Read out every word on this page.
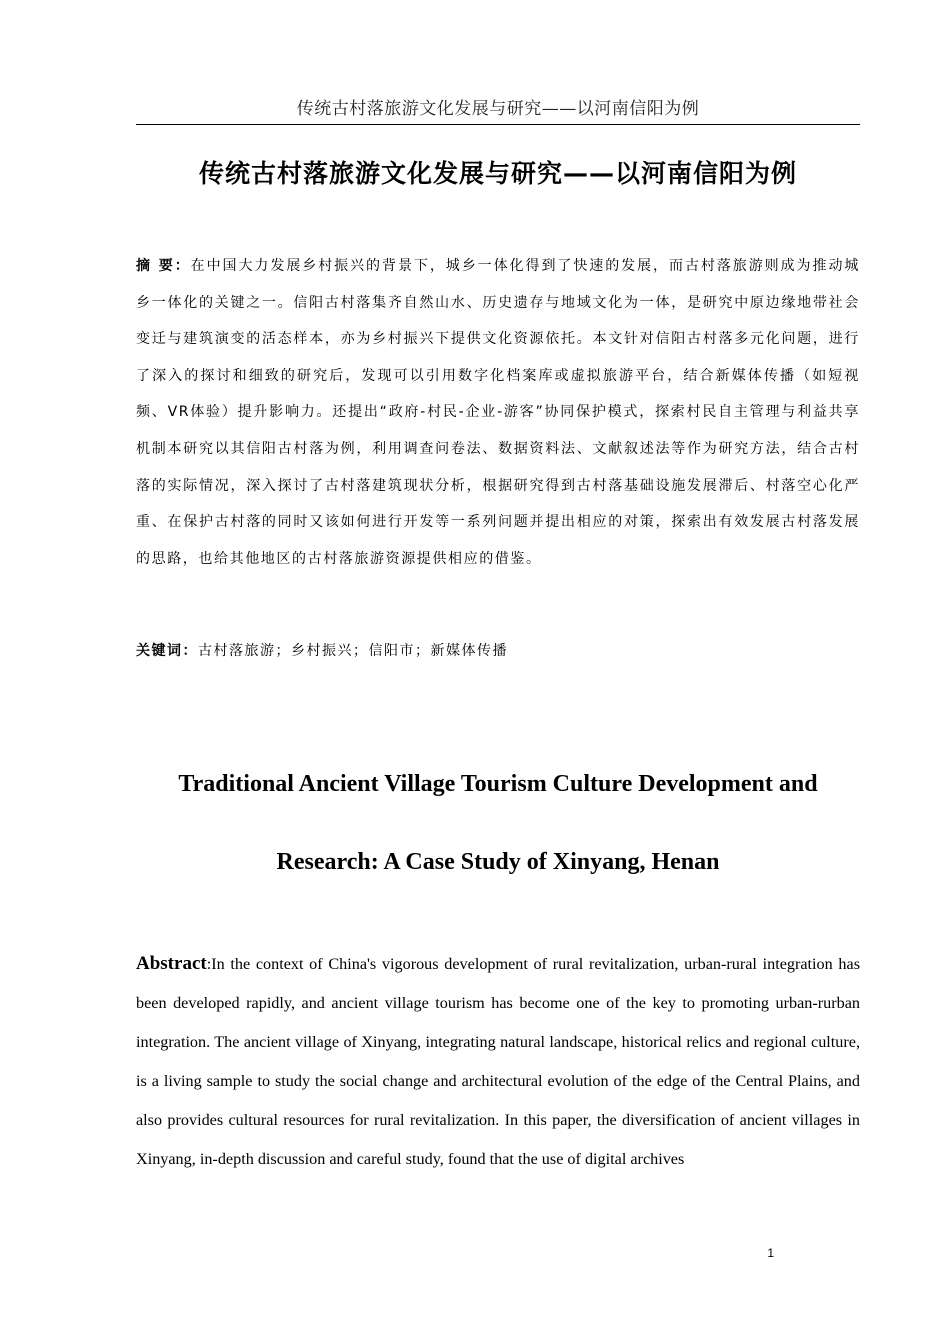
传统古村落旅游文化发展与研究——以河南信阳为例
传统古村落旅游文化发展与研究——以河南信阳为例
摘 要：在中国大力发展乡村振兴的背景下，城乡一体化得到了快速的发展，而古村落旅游则成为推动城乡一体化的关键之一。信阳古村落集齐自然山水、历史遗存与地域文化为一体，是研究中原边缘地带社会变迁与建筑演变的活态样本，亦为乡村振兴下提供文化资源依托。本文针对信阳古村落多元化问题，进行了深入的探讨和细致的研究后，发现可以引用数字化档案库或虚拟旅游平台，结合新媒体传播（如短视频、VR体验）提升影响力。还提出“政府-村民-企业-游客”协同保护模式，探索村民自主管理与利益共享机制本研究以其信阳古村落为例，利用调查问卷法、数据资料法、文献叙述法等作为研究方法，结合古村落的实际情况，深入探讨了古村落建筑现状分析，根据研究得到古村落基础设施发展滞后、村落空心化严重、在保护古村落的同时又该如何进行开发等一系列问题并提出相应的对策，探索出有效发展古村落发展的思路，也给其他地区的古村落旅游资源提供相应的借鉴。
关键词：古村落旅游；乡村振兴；信阳市；新媒体传播
Traditional Ancient Village Tourism Culture Development and Research: A Case Study of Xinyang, Henan
Abstract:In the context of China's vigorous development of rural revitalization, urban-rural integration has been developed rapidly, and ancient village tourism has become one of the key to promoting urban-rurban integration. The ancient village of Xinyang, integrating natural landscape, historical relics and regional culture, is a living sample to study the social change and architectural evolution of the edge of the Central Plains, and also provides cultural resources for rural revitalization. In this paper, the diversification of ancient villages in Xinyang, in-depth discussion and careful study, found that the use of digital archives
1
